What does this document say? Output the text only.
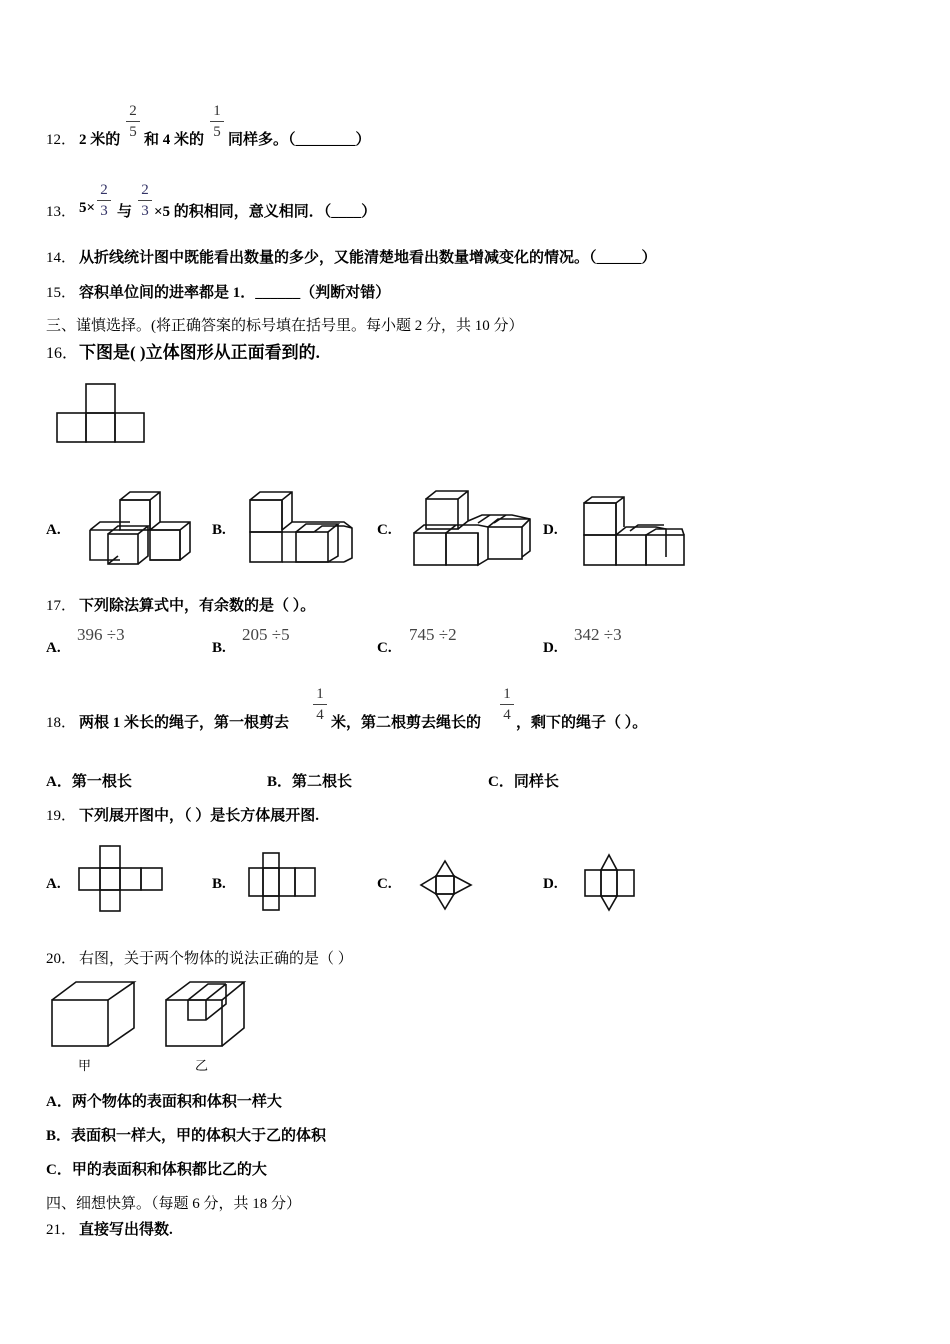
12． 2 米的
2
5 和 4 米的
1
5 同样多。（________）
13． 5×
2
3 与
2
3 ×5 的积相同，意义相同．（____）
14． 从折线统计图中既能看出数量的多少，又能清楚地看出数量增减变化的情况。（______）
15． 容积单位间的进率都是 1．______（判断对错）
三、谨慎选择。(将正确答案的标号填在括号里。每小题 2 分，共 10 分）
16． 下图是( )立体图形从正面看到的.
A.	B.	C.	D.
17． 下列除法算式中，有余数的是（ ）。
A.
396 ÷3
B.
205 ÷5
C.
745 ÷2
D.
342 ÷3
18． 两根 1 米长的绳子，第一根剪去
1
4 米，第二根剪去绳长的
1
4 ，剩下的绳子（ ）。
A．第一根长	B．第二根长	C．同样长
19． 下列展开图中，（ ）是长方体展开图.
A.	B.	C.	D.
20． 右图，关于两个物体的说法正确的是（ ）
甲	乙
A．两个物体的表面积和体积一样大
B．表面积一样大，甲的体积大于乙的体积
C．甲的表面积和体积都比乙的大
四、细想快算。（每题 6 分，共 18 分）
21． 直接写出得数.
